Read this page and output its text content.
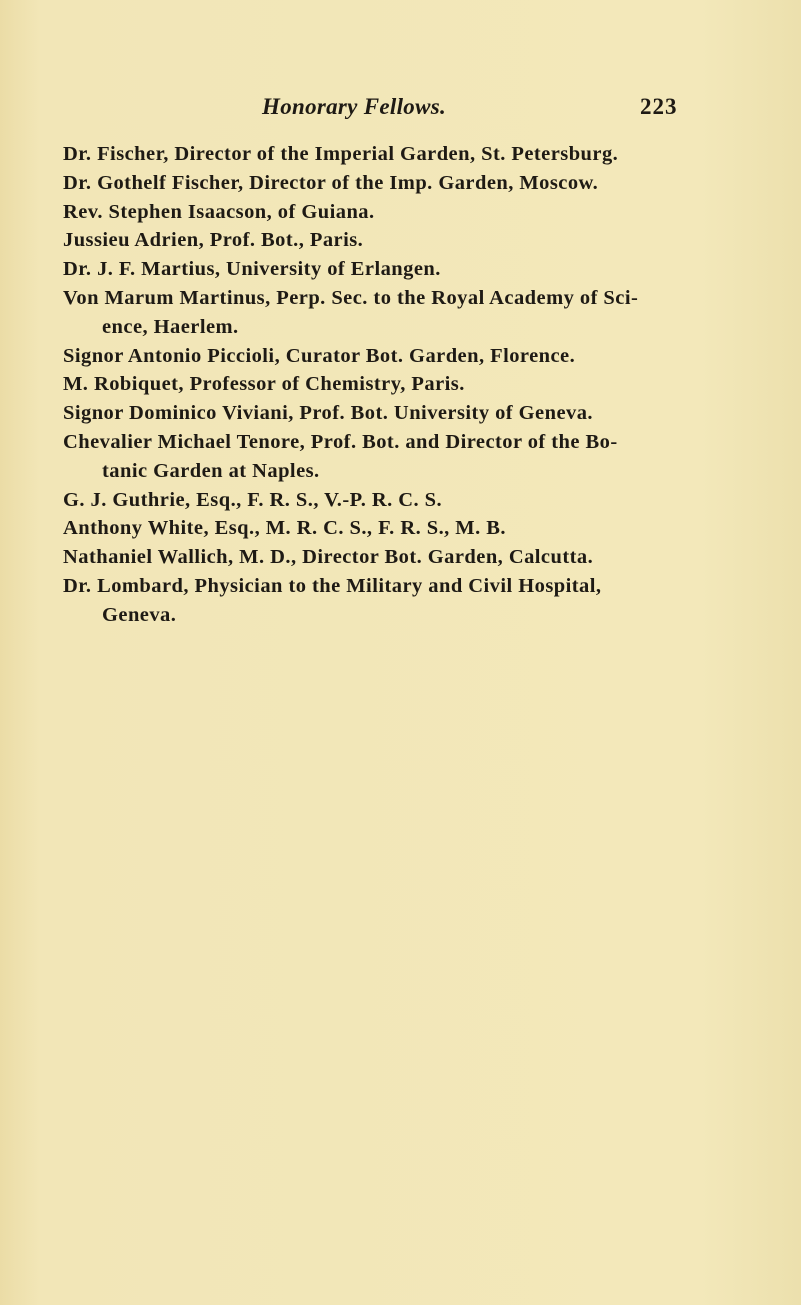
Honorary Fellows.	223
Dr. Fischer, Director of the Imperial Garden, St. Petersburg.
Dr. Gothelf Fischer, Director of the Imp. Garden, Moscow.
Rev. Stephen Isaacson, of Guiana.
Jussieu Adrien, Prof. Bot., Paris.
Dr. J. F. Martius, University of Erlangen.
Von Marum Martinus, Perp. Sec. to the Royal Academy of Sci-
ence, Haerlem.
Signor Antonio Piccioli, Curator Bot. Garden, Florence.
M. Robiquet, Professor of Chemistry, Paris.
Signor Dominico Viviani, Prof. Bot. University of Geneva.
Chevalier Michael Tenore, Prof. Bot. and Director of the Bo-
tanic Garden at Naples.
G. J. Guthrie, Esq., F. R. S., V.-P. R. C. S.
Anthony White, Esq., M. R. C. S., F. R. S., M. B.
Nathaniel Wallich, M. D., Director Bot. Garden, Calcutta.
Dr. Lombard, Physician to the Military and Civil Hospital,
Geneva.
